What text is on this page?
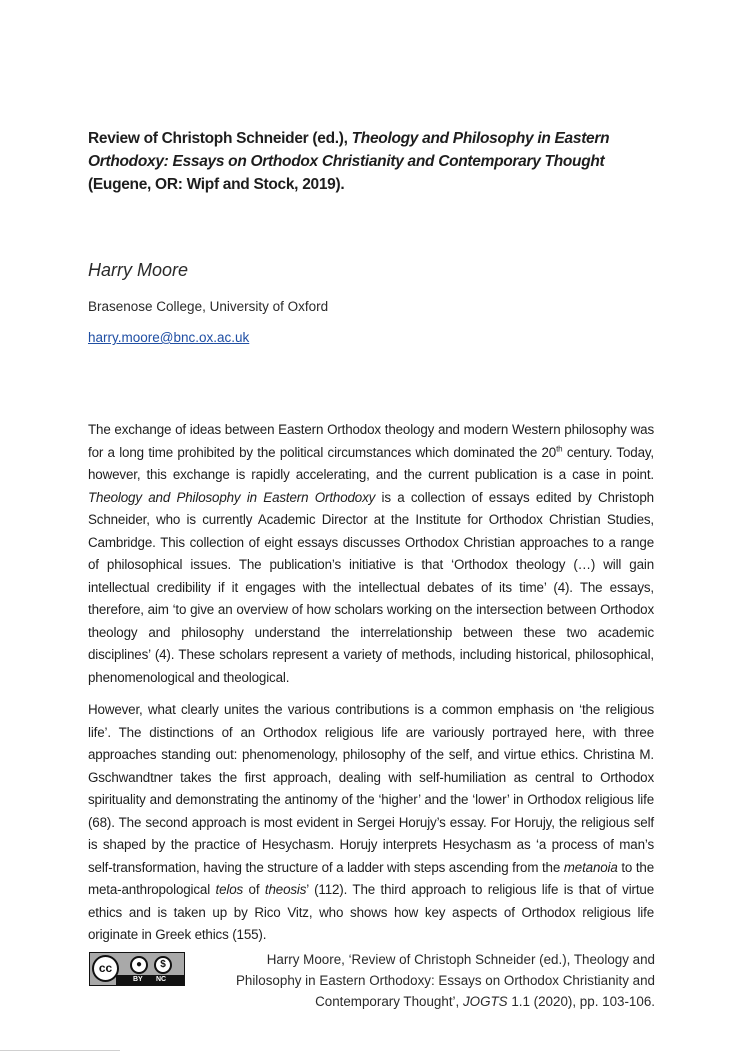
Review of Christoph Schneider (ed.), Theology and Philosophy in Eastern Orthodoxy: Essays on Orthodox Christianity and Contemporary Thought (Eugene, OR: Wipf and Stock, 2019).
Harry Moore
Brasenose College, University of Oxford
harry.moore@bnc.ox.ac.uk

The exchange of ideas between Eastern Orthodox theology and modern Western philosophy was for a long time prohibited by the political circumstances which dominated the 20th century. Today, however, this exchange is rapidly accelerating, and the current publication is a case in point. Theology and Philosophy in Eastern Orthodoxy is a collection of essays edited by Christoph Schneider, who is currently Academic Director at the Institute for Orthodox Christian Studies, Cambridge. This collection of eight essays discusses Orthodox Christian approaches to a range of philosophical issues. The publication’s initiative is that ‘Orthodox theology (…) will gain intellectual credibility if it engages with the intellectual debates of its time’ (4). The essays, therefore, aim ‘to give an overview of how scholars working on the intersection between Orthodox theology and philosophy understand the interrelationship between these two academic disciplines’ (4). These scholars represent a variety of methods, including historical, philosophical, phenomenological and theological.

However, what clearly unites the various contributions is a common emphasis on ‘the religious life’. The distinctions of an Orthodox religious life are variously portrayed here, with three approaches standing out: phenomenology, philosophy of the self, and virtue ethics. Christina M. Gschwandtner takes the first approach, dealing with self-humiliation as central to Orthodox spirituality and demonstrating the antinomy of the ‘higher’ and the ‘lower’ in Orthodox religious life (68). The second approach is most evident in Sergei Horujy’s essay. For Horujy, the religious self is shaped by the practice of Hesychasm. Horujy interprets Hesychasm as ‘a process of man’s self-transformation, having the structure of a ladder with steps ascending from the metanoia to the meta-anthropological telos of theosis’ (112). The third approach to religious life is that of virtue ethics and is taken up by Rico Vitz, who shows how key aspects of Orthodox religious life originate in Greek ethics (155).

cc	●	$
BY NC
Harry Moore, ‘Review of Christoph Schneider (ed.), Theology and Philosophy in Eastern Orthodoxy: Essays on Orthodox Christianity and Contemporary Thought’, JOGTS 1.1 (2020), pp. 103-106.
